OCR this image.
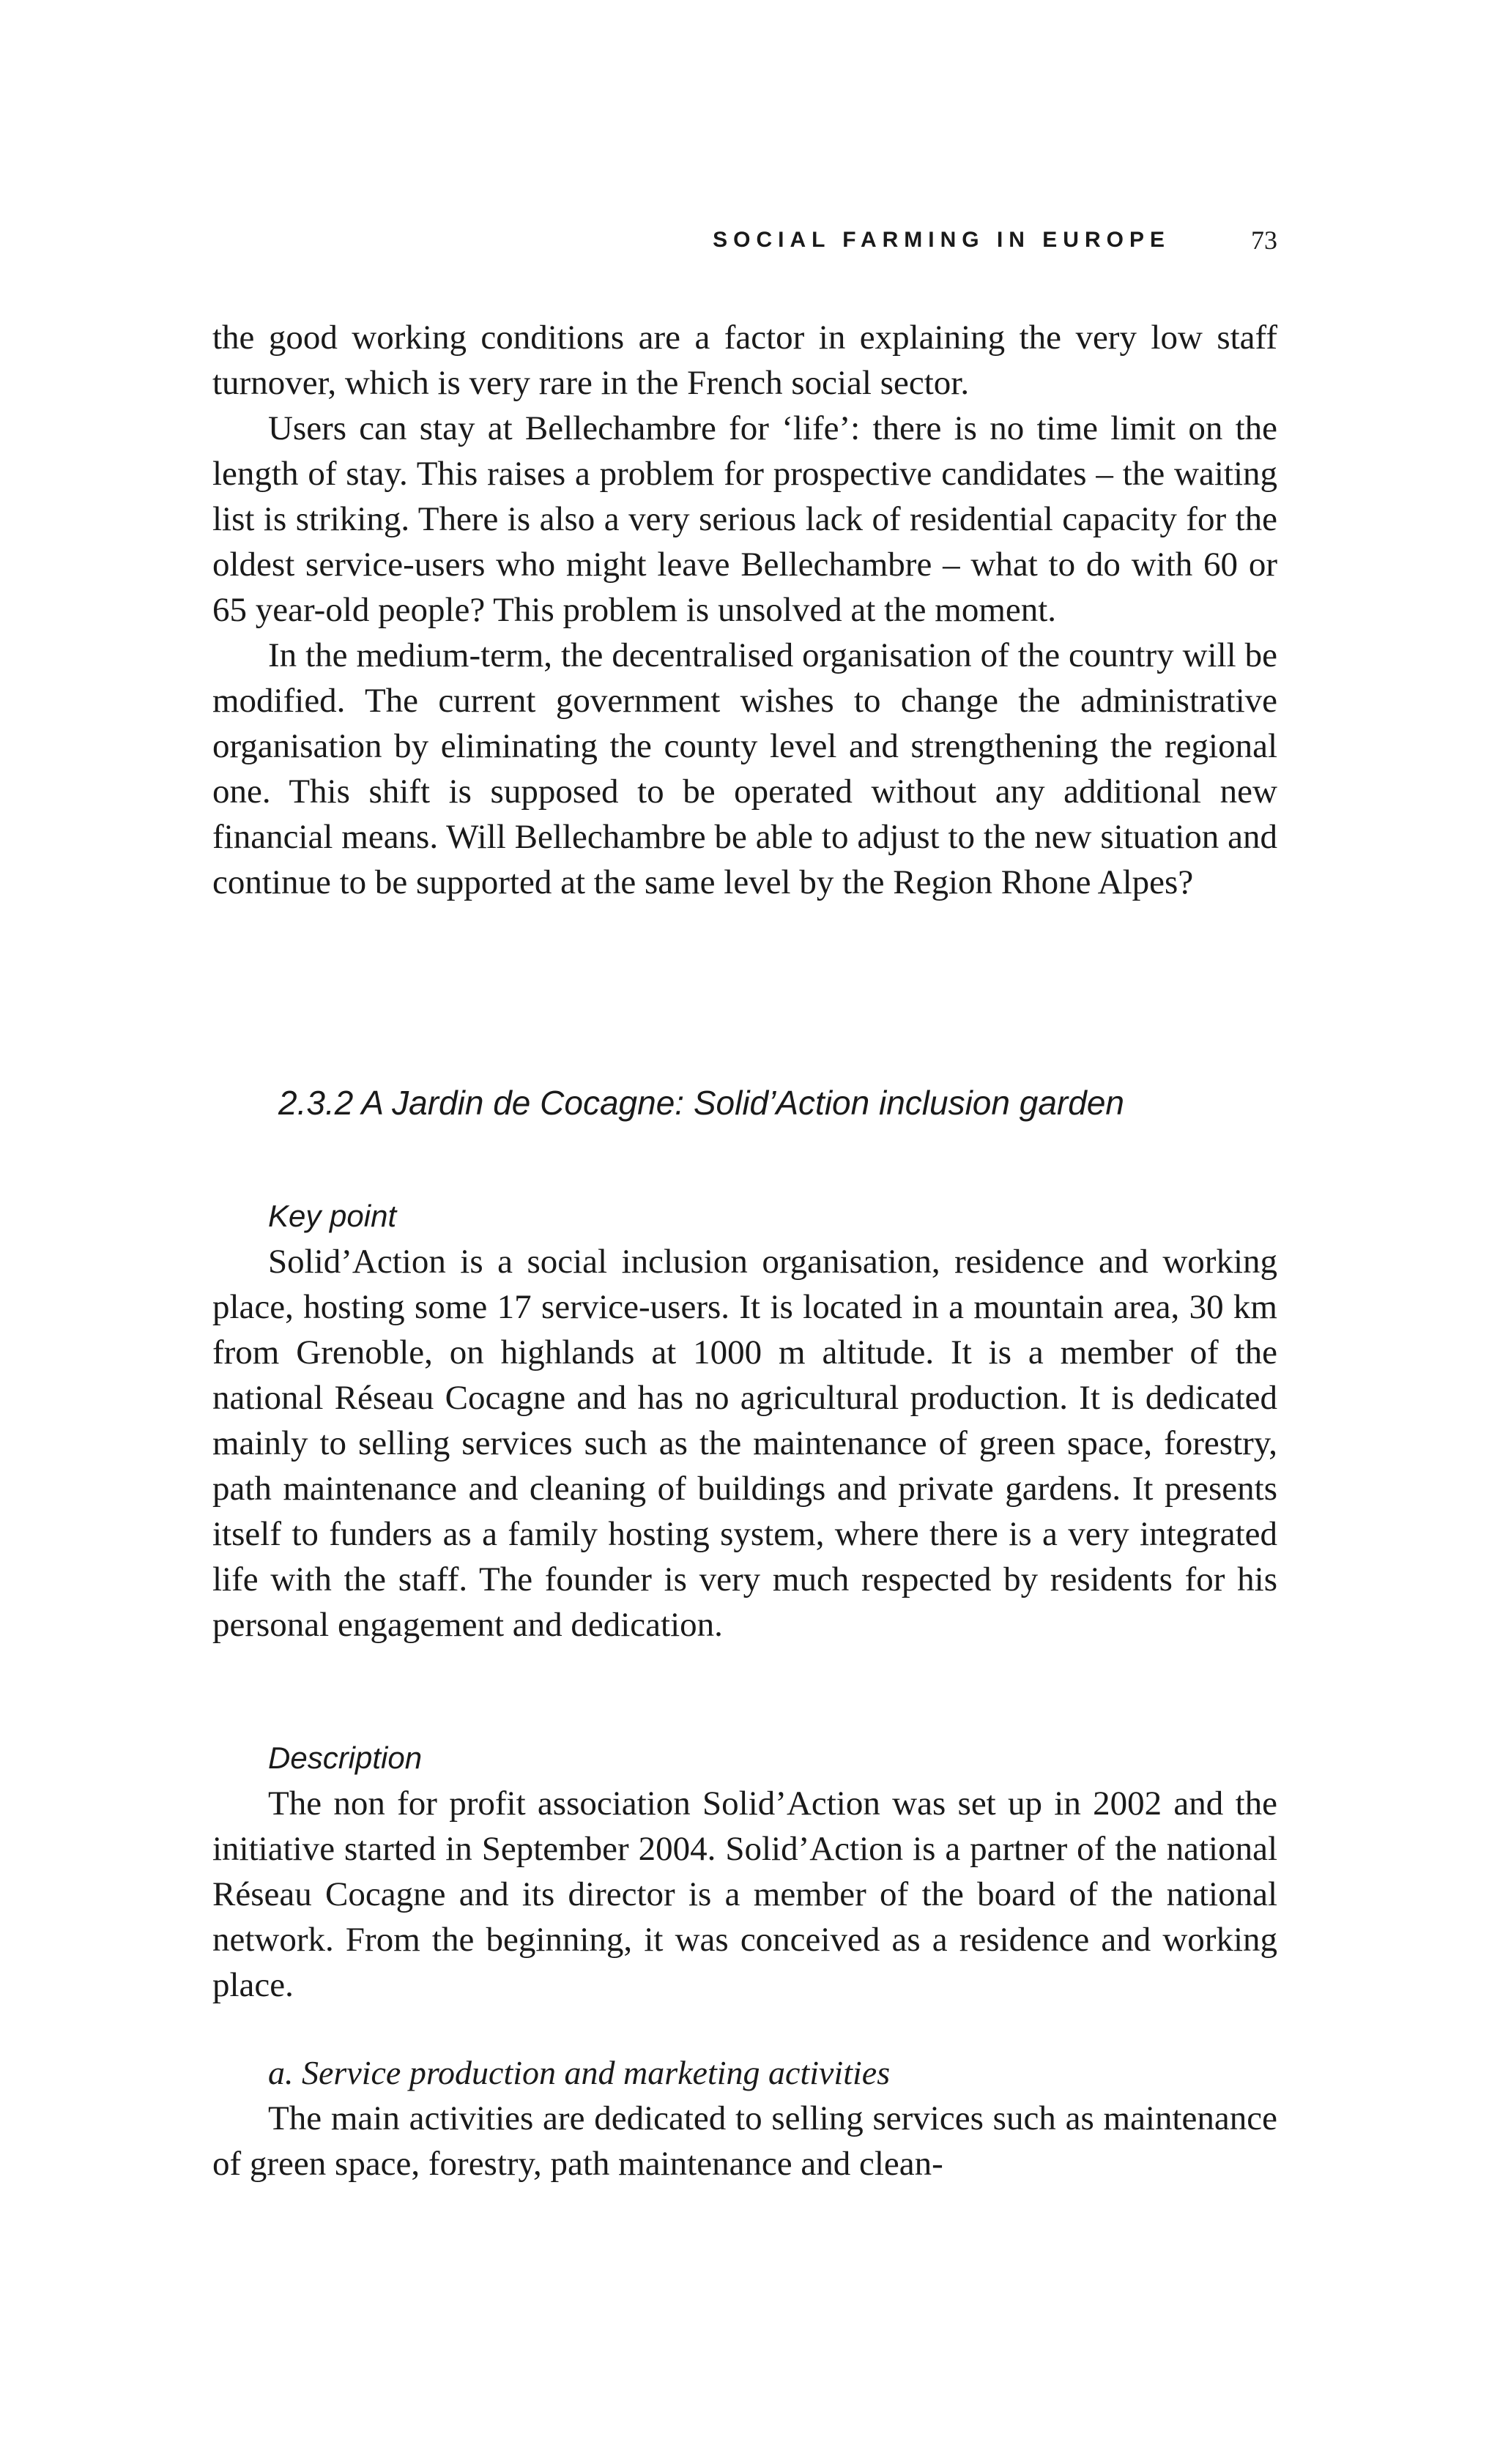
SOCIAL FARMING IN EUROPE	73

the good working conditions are a factor in explaining the very low staff turnover, which is very rare in the French social sector.

Users can stay at Bellechambre for ‘life’: there is no time limit on the length of stay. This raises a problem for prospective candidates – the waiting list is striking. There is also a very serious lack of residential capacity for the oldest service-users who might leave Bellechambre – what to do with 60 or 65 year-old people? This problem is unsolved at the moment.

In the medium-term, the decentralised organisation of the country will be modified. The current government wishes to change the administrative organisation by eliminating the county level and strengthening the regional one. This shift is supposed to be operated without any additional new financial means. Will Bellechambre be able to adjust to the new situation and continue to be supported at the same level by the Region Rhone Alpes?

2.3.2 A Jardin de Cocagne: Solid’Action inclusion garden
Key point

Solid’Action is a social inclusion organisation, residence and working place, hosting some 17 service-users. It is located in a mountain area, 30 km from Grenoble, on highlands at 1000 m altitude. It is a member of the national Réseau Cocagne and has no agricultural production. It is dedicated mainly to selling services such as the maintenance of green space, forestry, path maintenance and cleaning of buildings and private gardens. It presents itself to funders as a family hosting system, where there is a very integrated life with the staff. The founder is very much respected by residents for his personal engagement and dedication.

Description

The non for profit association Solid’Action was set up in 2002 and the initiative started in September 2004. Solid’Action is a partner of the national Réseau Cocagne and its director is a member of the board of the national network. From the beginning, it was conceived as a residence and working place.

a. Service production and marketing activities

The main activities are dedicated to selling services such as maintenance of green space, forestry, path maintenance and clean-
